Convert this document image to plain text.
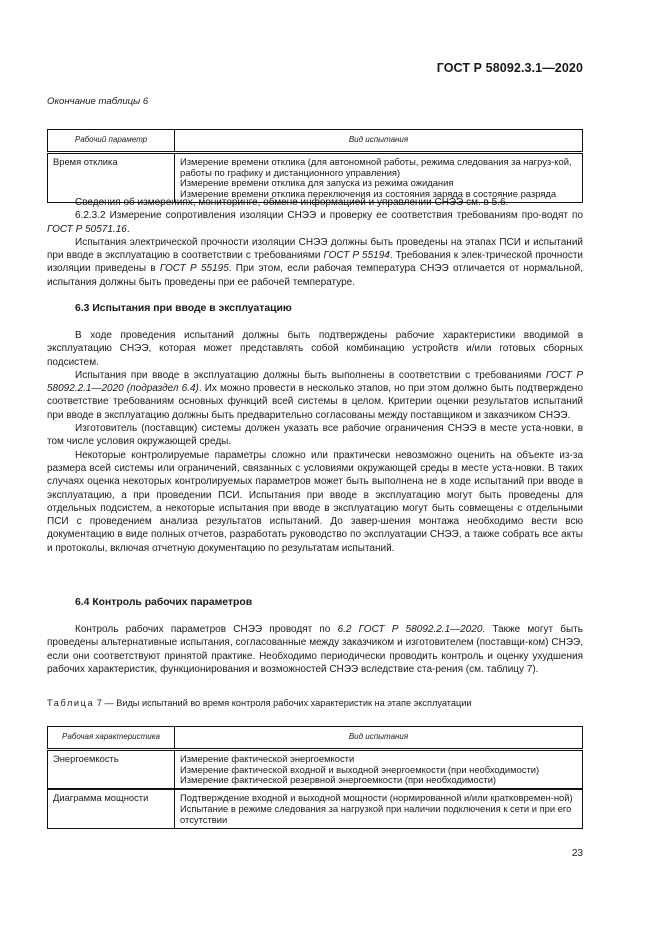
ГОСТ Р 58092.3.1—2020
Окончание таблицы 6
Рабочий параметр	Вид испытания
Время отклика	Измерение времени отклика (для автономной работы, режима следования за нагруз-кой, работы по графику и дистанционного управления)
Измерение времени отклика для запуска из режима ожидания
Измерение времени отклика переключения из состояния заряда в состояние разряда

Сведения об измерениях, мониторинге, обмене информацией и управлении СНЭЭ см. в 5.6.

6.2.3.2 Измерение сопротивления изоляции СНЭЭ и проверку ее соответствия требованиям про-водят по ГОСТ Р 50571.16.

Испытания электрической прочности изоляции СНЭЭ должны быть проведены на этапах ПСИ и испытаний при вводе в эксплуатацию в соответствии с требованиями ГОСТ Р 55194. Требования к элек-трической прочности изоляции приведены в ГОСТ Р 55195. При этом, если рабочая температура СНЭЭ отличается от нормальной, испытания должны быть проведены при ее рабочей температуре.

6.3 Испытания при вводе в эксплуатацию

В ходе проведения испытаний должны быть подтверждены рабочие характеристики вводимой в эксплуатацию СНЭЭ, которая может представлять собой комбинацию устройств и/или готовых сборных подсистем.

Испытания при вводе в эксплуатацию должны быть выполнены в соответствии с требованиями ГОСТ Р 58092.2.1—2020 (подраздел 6.4). Их можно провести в несколько этапов, но при этом должно быть подтверждено соответствие требованиям основных функций всей системы в целом. Критерии оценки результатов испытаний при вводе в эксплуатацию должны быть предварительно согласованы между поставщиком и заказчиком СНЭЭ.

Изготовитель (поставщик) системы должен указать все рабочие ограничения СНЭЭ в месте уста-новки, в том числе условия окружающей среды.

Некоторые контролируемые параметры сложно или практически невозможно оценить на объекте из-за размера всей системы или ограничений, связанных с условиями окружающей среды в месте уста-новки. В таких случаях оценка некоторых контролируемых параметров может быть выполнена не в ходе испытаний при вводе в эксплуатацию, а при проведении ПСИ. Испытания при вводе в эксплуатацию могут быть проведены для отдельных подсистем, а некоторые испытания при вводе в эксплуатацию могут быть совмещены с отдельными ПСИ с проведением анализа результатов испытаний. До завер-шения монтажа необходимо вести всю документацию в виде полных отчетов, разработать руководство по эксплуатации СНЭЭ, а также собрать все акты и протоколы, включая отчетную документацию по результатам испытаний.

6.4 Контроль рабочих параметров

Контроль рабочих параметров СНЭЭ проводят по 6.2 ГОСТ Р 58092.2.1—2020. Также могут быть проведены альтернативные испытания, согласованные между заказчиком и изготовителем (поставщи-ком) СНЭЭ, если они соответствуют принятой практике. Необходимо периодически проводить контроль и оценку ухудшения рабочих характеристик, функционирования и возможностей СНЭЭ вследствие ста-рения (см. таблицу 7).

Таблица 7 — Виды испытаний во время контроля рабочих характеристик на этапе эксплуатации
Рабочая характеристика	Вид испытания
Энергоемкость	Измерение фактической энергоемкости
Измерение фактической входной и выходной энергоемкости (при необходимости)
Измерение фактической резервной энергоемкости (при необходимости)

Диаграмма мощности	Подтверждение входной и выходной мощности (нормированной и/или кратковремен-ной)
Испытание в режиме следования за нагрузкой при наличии подключения к сети и при его отсутствии
23
